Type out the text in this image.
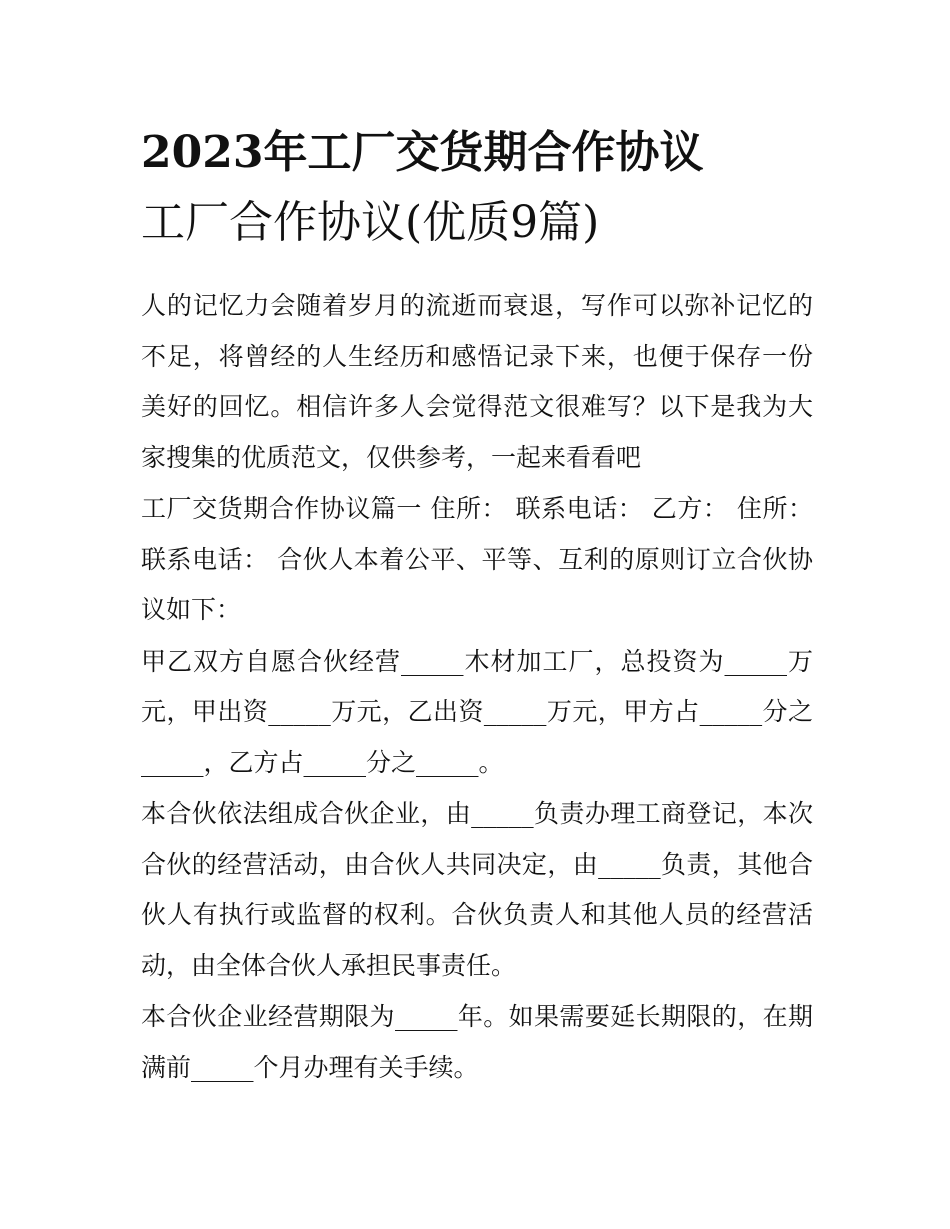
2023年工厂交货期合作协议

工厂合作协议(优质9篇)

人的记忆力会随着岁月的流逝而衰退，写作可以弥补记忆的不足，将曾经的人生经历和感悟记录下来，也便于保存一份美好的回忆。相信许多人会觉得范文很难写？以下是我为大家搜集的优质范文，仅供参考，一起来看看吧

工厂交货期合作协议篇一 住所： 联系电话： 乙方： 住所： 联系电话： 合伙人本着公平、平等、互利的原则订立合伙协议如下：

甲乙双方自愿合伙经营_____木材加工厂，总投资为_____万元，甲出资_____万元，乙出资_____万元，甲方占_____分之_____，乙方占_____分之_____。

本合伙依法组成合伙企业，由_____负责办理工商登记，本次合伙的经营活动，由合伙人共同决定，由_____负责，其他合伙人有执行或监督的权利。合伙负责人和其他人员的经营活动，由全体合伙人承担民事责任。

本合伙企业经营期限为_____年。如果需要延长期限的，在期满前_____个月办理有关手续。
